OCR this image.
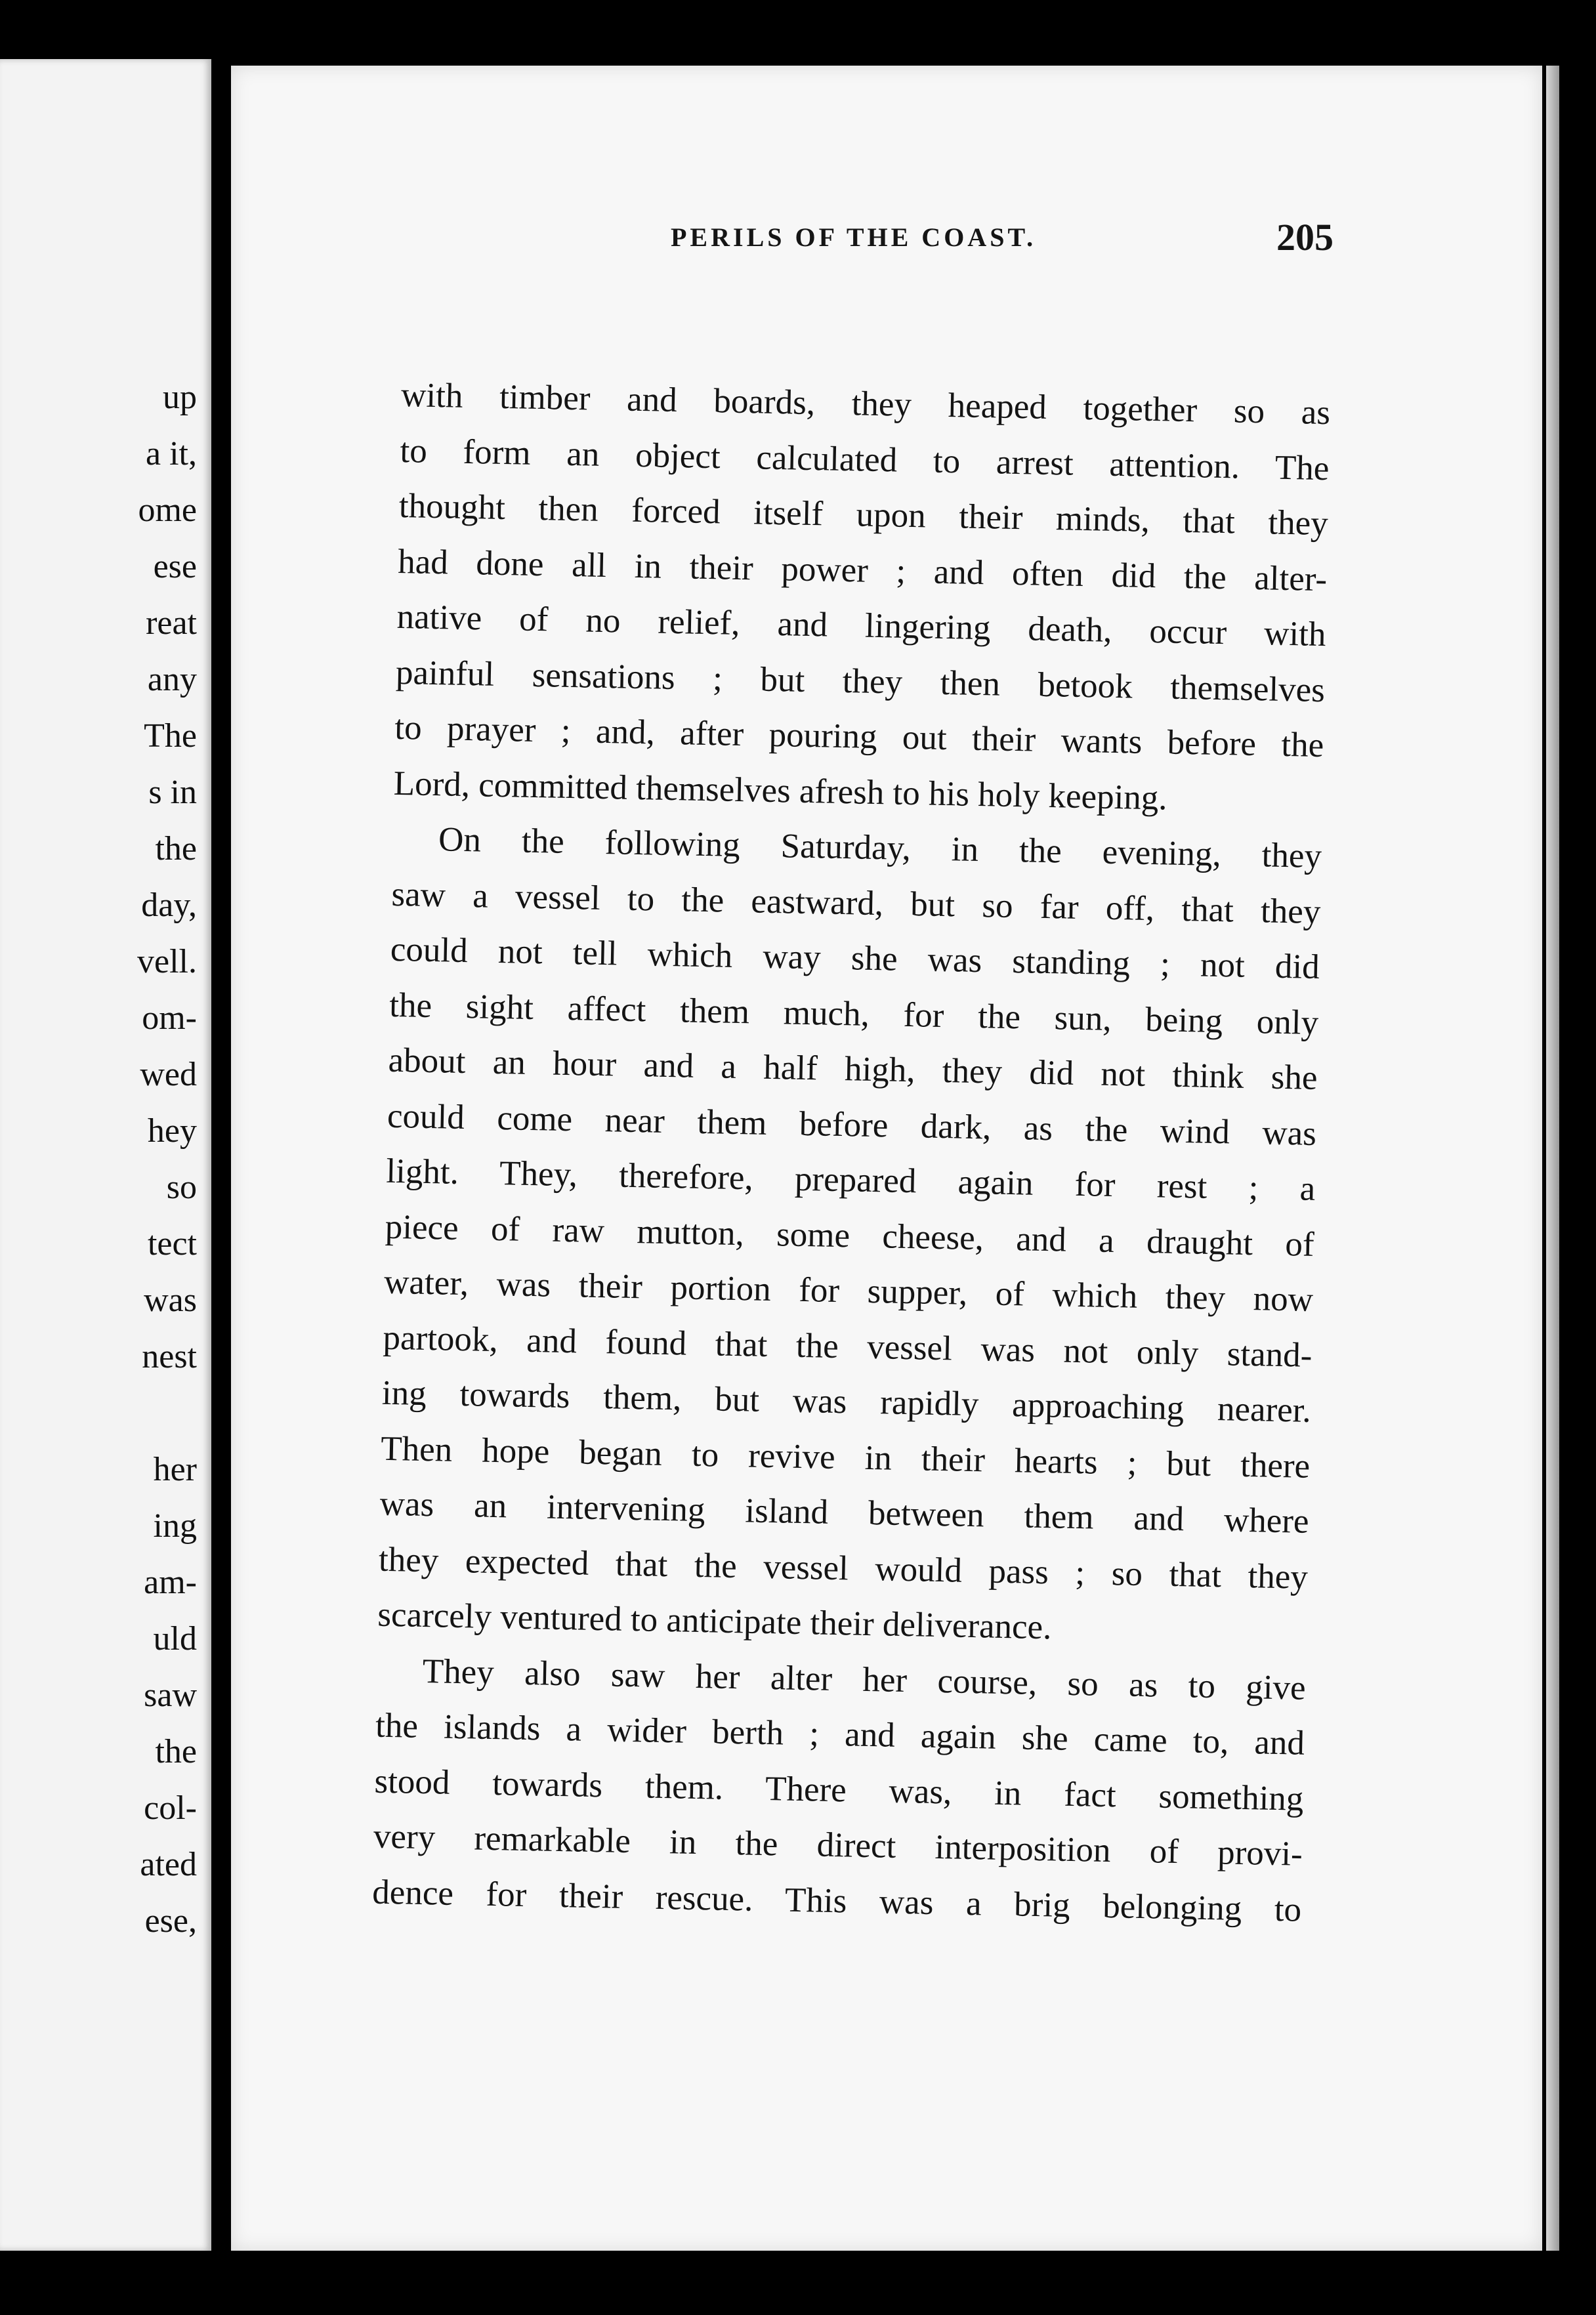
up
a it,
ome
ese
reat
any
The
s in
the
day,
vell.
om-
wed
hey
so
tect
was
nest
her
ing
am-
uld
saw
the
col-
ated
ese,
PERILS OF THE COAST.	205
with timber and boards, they heaped together so as
to form an object calculated to arrest attention. The
thought then forced itself upon their minds, that they
had done all in their power ; and often did the alter-
native of no relief, and lingering death, occur with
painful sensations ; but they then betook themselves
to prayer ; and, after pouring out their wants before the
Lord, committed themselves afresh to his holy keeping.
On the following Saturday, in the evening, they
saw a vessel to the eastward, but so far off, that they
could not tell which way she was standing ; not did
the sight affect them much, for the sun, being only
about an hour and a half high, they did not think she
could come near them before dark, as the wind was
light. They, therefore, prepared again for rest ; a
piece of raw mutton, some cheese, and a draught of
water, was their portion for supper, of which they now
partook, and found that the vessel was not only stand-
ing towards them, but was rapidly approaching nearer.
Then hope began to revive in their hearts ; but there
was an intervening island between them and where
they expected that the vessel would pass ; so that they
scarcely ventured to anticipate their deliverance.
They also saw her alter her course, so as to give
the islands a wider berth ; and again she came to, and
stood towards them. There was, in fact something
very remarkable in the direct interposition of provi-
dence for their rescue. This was a brig belonging to
